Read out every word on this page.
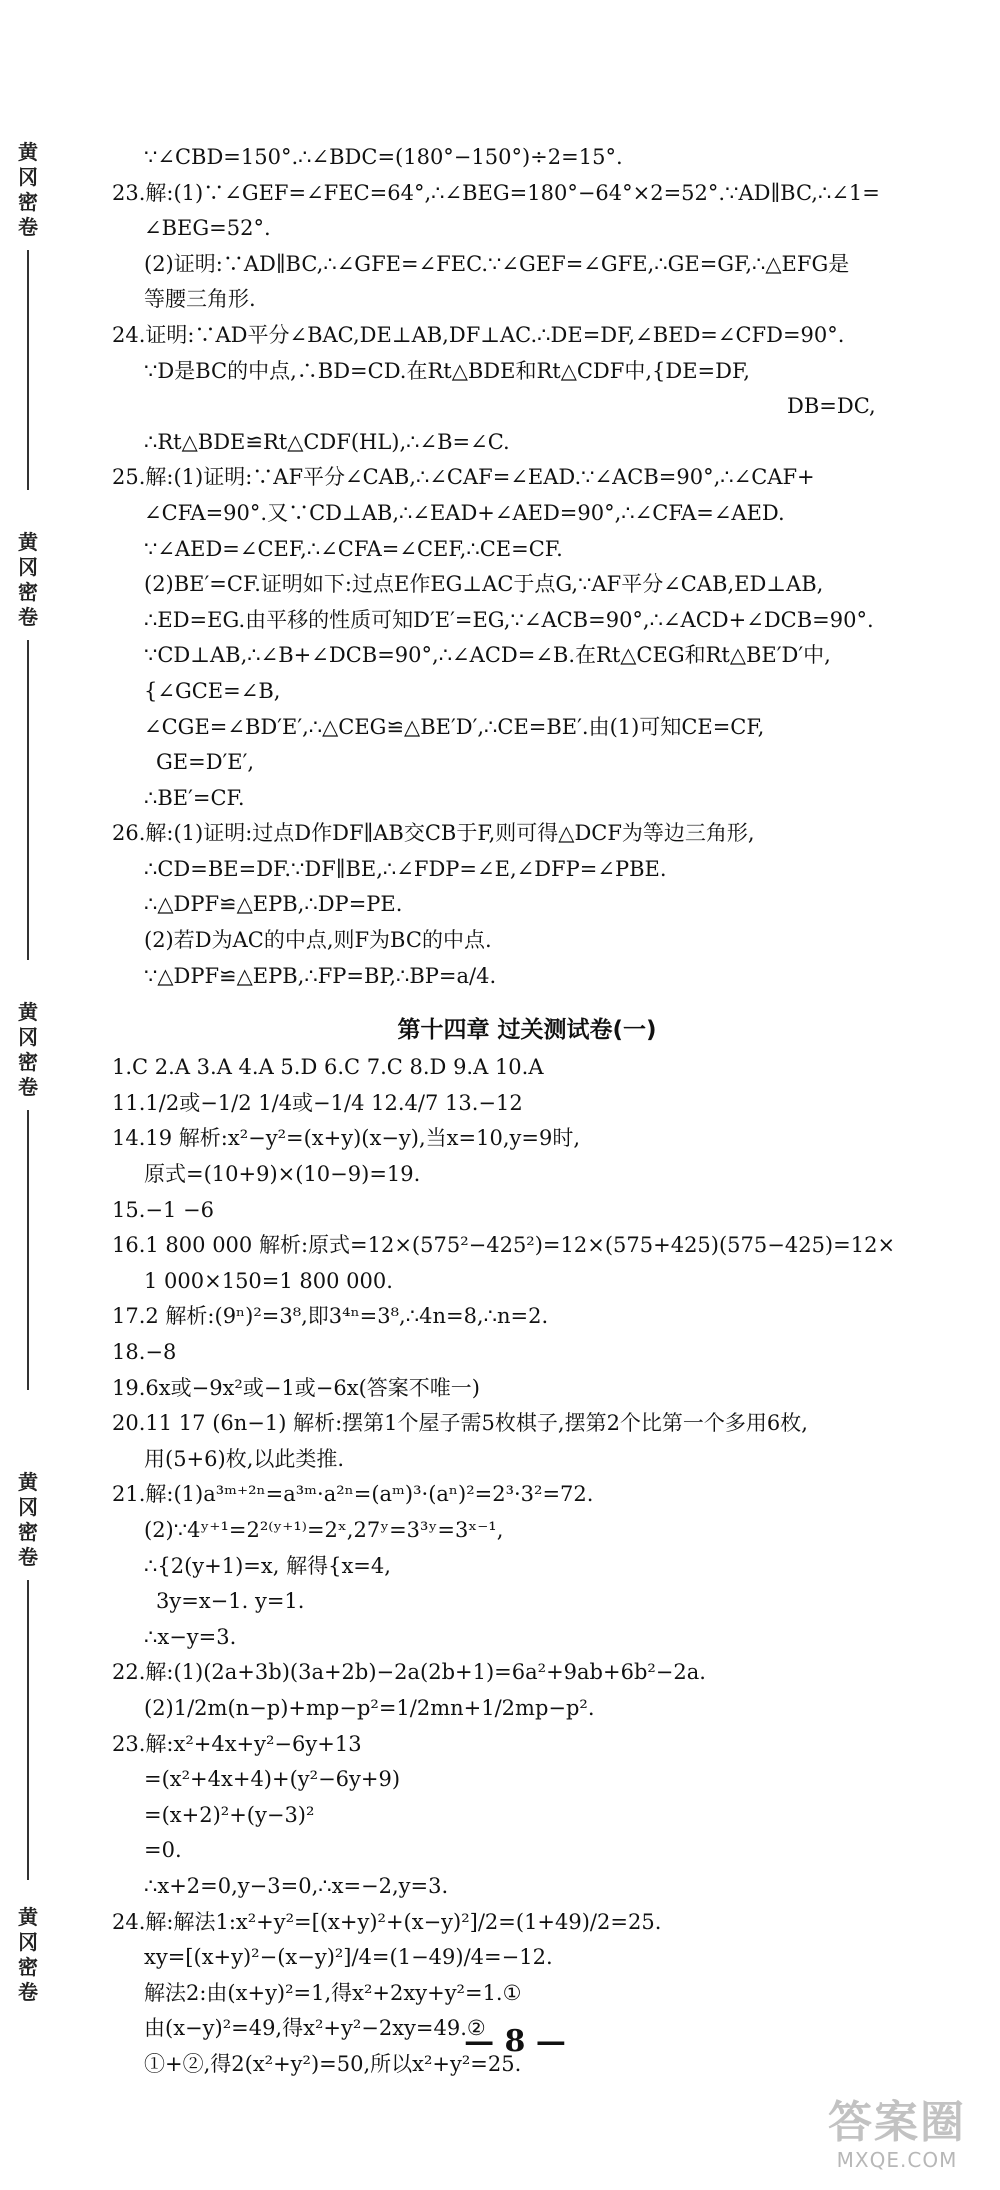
黄冈密卷
黄冈密卷
黄冈密卷
黄冈密卷
黄冈密卷
∵∠CBD=150°.∴∠BDC=(180°−150°)÷2=15°.
23.解:(1)∵∠GEF=∠FEC=64°,∴∠BEG=180°−64°×2=52°.∵AD∥BC,∴∠1=
∠BEG=52°.
(2)证明:∵AD∥BC,∴∠GFE=∠FEC.∵∠GEF=∠GFE,∴GE=GF,∴△EFG是
等腰三角形.
24.证明:∵AD平分∠BAC,DE⊥AB,DF⊥AC.∴DE=DF,∠BED=∠CFD=90°.
∵D是BC的中点,∴BD=CD.在Rt△BDE和Rt△CDF中,{DE=DF,
DB=DC,
∴Rt△BDE≌Rt△CDF(HL),∴∠B=∠C.
25.解:(1)证明:∵AF平分∠CAB,∴∠CAF=∠EAD.∵∠ACB=90°,∴∠CAF+
∠CFA=90°.又∵CD⊥AB,∴∠EAD+∠AED=90°,∴∠CFA=∠AED.
∵∠AED=∠CEF,∴∠CFA=∠CEF,∴CE=CF.
(2)BE′=CF.证明如下:过点E作EG⊥AC于点G,∵AF平分∠CAB,ED⊥AB,
∴ED=EG.由平移的性质可知D′E′=EG,∵∠ACB=90°,∴∠ACD+∠DCB=90°.
∵CD⊥AB,∴∠B+∠DCB=90°,∴∠ACD=∠B.在Rt△CEG和Rt△BE′D′中,
{∠GCE=∠B,
∠CGE=∠BD′E′,∴△CEG≌△BE′D′,∴CE=BE′.由(1)可知CE=CF,
GE=D′E′,
∴BE′=CF.
26.解:(1)证明:过点D作DF∥AB交CB于F,则可得△DCF为等边三角形,
∴CD=BE=DF.∵DF∥BE,∴∠FDP=∠E,∠DFP=∠PBE.
∴△DPF≌△EPB,∴DP=PE.
(2)若D为AC的中点,则F为BC的中点.
∵△DPF≌△EPB,∴FP=BP,∴BP=a/4.
第十四章 过关测试卷(一)
1.C 2.A 3.A 4.A 5.D 6.C 7.C 8.D 9.A 10.A
11.1/2或−1/2 1/4或−1/4 12.4/7 13.−12
14.19 解析:x²−y²=(x+y)(x−y),当x=10,y=9时,
原式=(10+9)×(10−9)=19.
15.−1 −6
16.1 800 000 解析:原式=12×(575²−425²)=12×(575+425)(575−425)=12×
1 000×150=1 800 000.
17.2 解析:(9ⁿ)²=3⁸,即3⁴ⁿ=3⁸,∴4n=8,∴n=2.
18.−8
19.6x或−9x²或−1或−6x(答案不唯一)
20.11 17 (6n−1) 解析:摆第1个屋子需5枚棋子,摆第2个比第一个多用6枚,
用(5+6)枚,以此类推.
21.解:(1)a³ᵐ⁺²ⁿ=a³ᵐ·a²ⁿ=(aᵐ)³·(aⁿ)²=2³·3²=72.
(2)∵4ʸ⁺¹=2²⁽ʸ⁺¹⁾=2ˣ,27ʸ=3³ʸ=3ˣ⁻¹,
∴{2(y+1)=x, 解得{x=4,
3y=x−1. y=1.
∴x−y=3.
22.解:(1)(2a+3b)(3a+2b)−2a(2b+1)=6a²+9ab+6b²−2a.
(2)1/2m(n−p)+mp−p²=1/2mn+1/2mp−p².
23.解:x²+4x+y²−6y+13
=(x²+4x+4)+(y²−6y+9)
=(x+2)²+(y−3)²
=0.
∴x+2=0,y−3=0,∴x=−2,y=3.
24.解:解法1:x²+y²=[(x+y)²+(x−y)²]/2=(1+49)/2=25.
xy=[(x+y)²−(x−y)²]/4=(1−49)/4=−12.
解法2:由(x+y)²=1,得x²+2xy+y²=1.①
由(x−y)²=49,得x²+y²−2xy=49.②
①+②,得2(x²+y²)=50,所以x²+y²=25.
— 8 —
答案圈
MXQE.COM
